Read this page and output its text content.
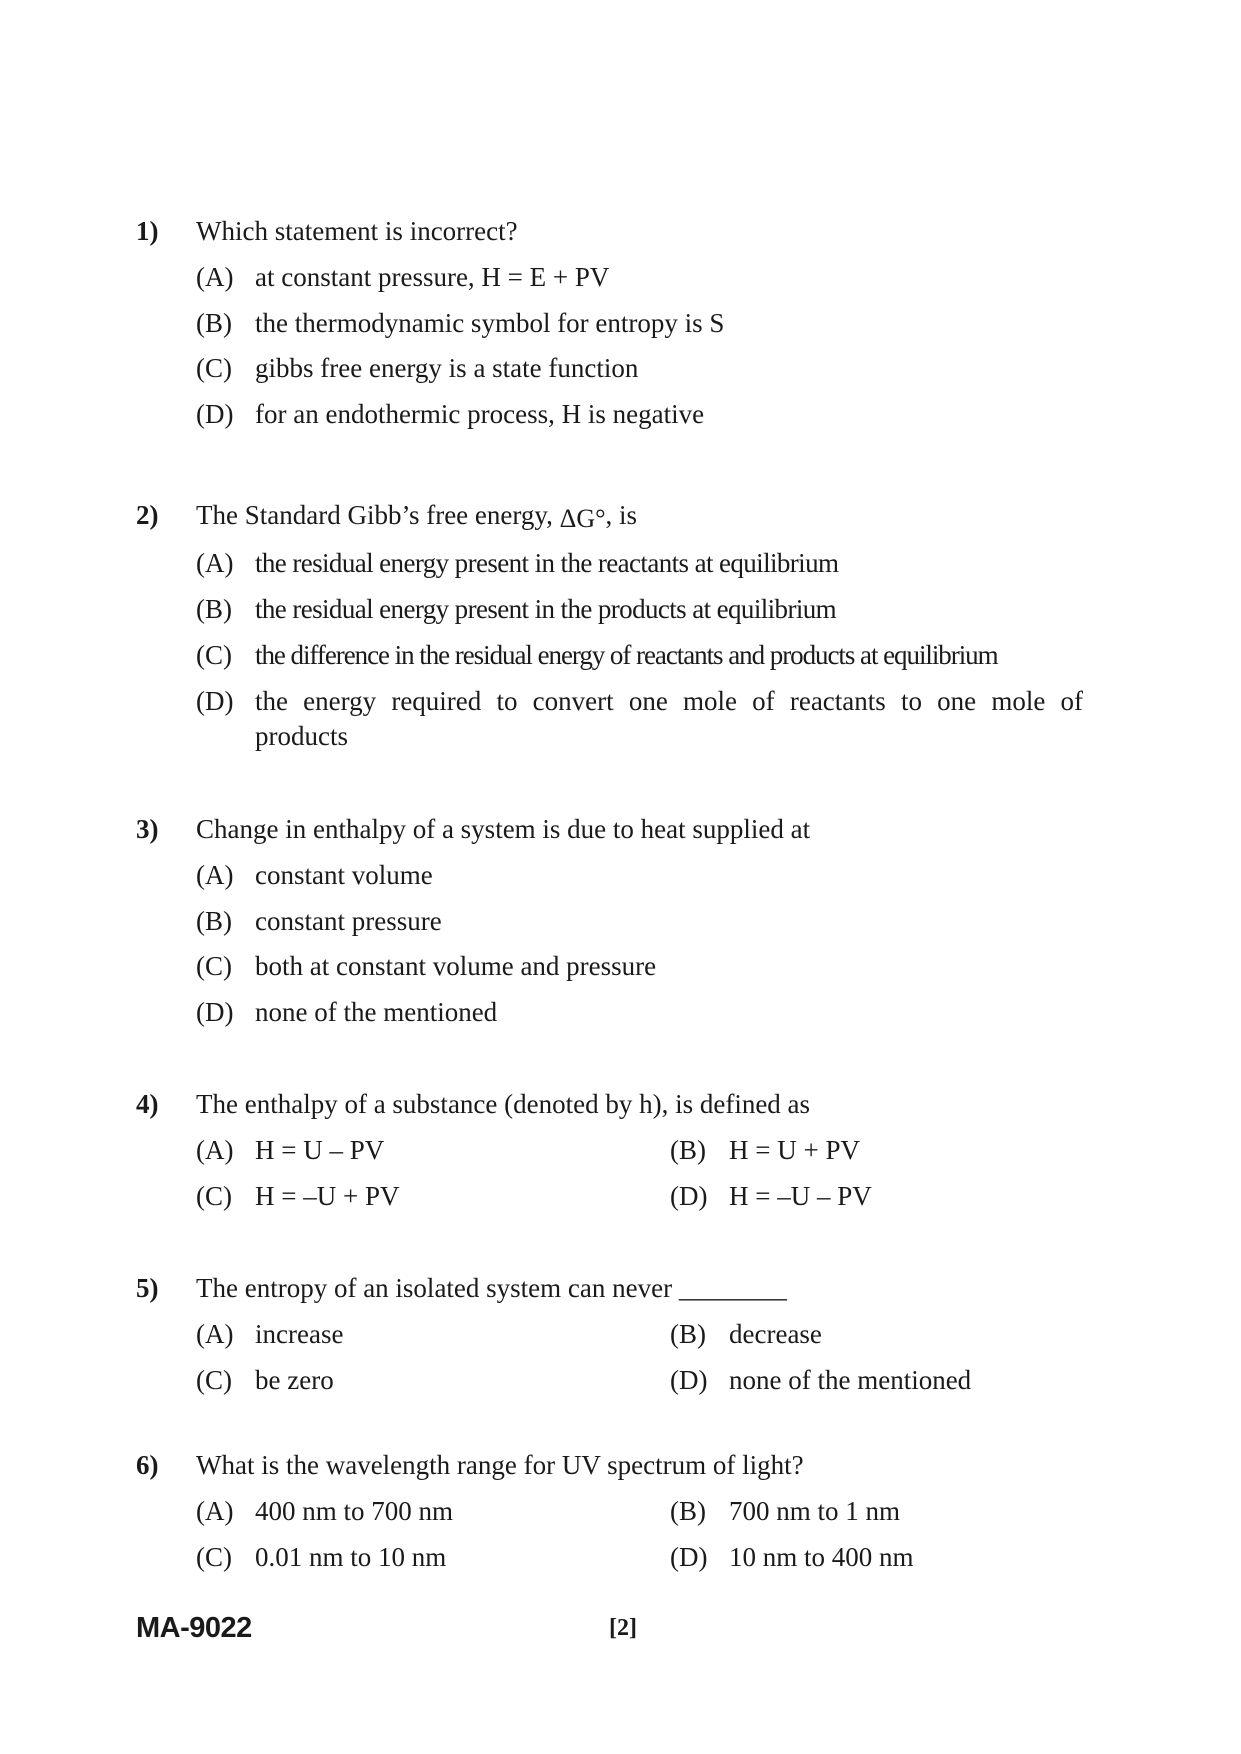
1) Which statement is incorrect?
(A) at constant pressure, H = E + PV
(B) the thermodynamic symbol for entropy is S
(C) gibbs free energy is a state function
(D) for an endothermic process, H is negative
2) The Standard Gibb’s free energy, ΔG°, is
(A) the residual energy present in the reactants at equilibrium
(B) the residual energy present in the products at equilibrium
(C) the difference in the residual energy of reactants and products at equilibrium
(D) the energy required to convert one mole of reactants to one mole of
products
3) Change in enthalpy of a system is due to heat supplied at
(A) constant volume
(B) constant pressure
(C) both at constant volume and pressure
(D) none of the mentioned
4) The enthalpy of a substance (denoted by h), is defined as
(A) H = U – PV	(B) H = U + PV
(C) H = –U + PV	(D) H = –U – PV
5) The entropy of an isolated system can never ________
(A) increase	(B) decrease
(C) be zero	(D) none of the mentioned
6) What is the wavelength range for UV spectrum of light?
(A) 400 nm to 700 nm	(B) 700 nm to 1 nm
(C) 0.01 nm to 10 nm	(D) 10 nm to 400 nm
MA-9022	[2]
